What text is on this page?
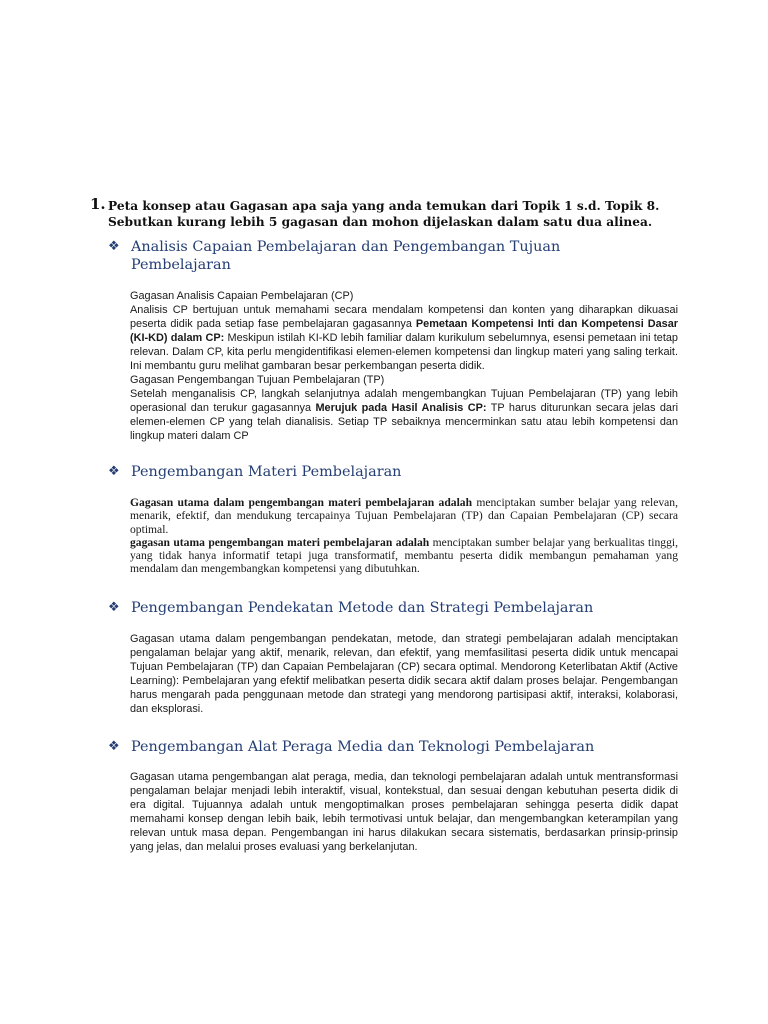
1. Peta konsep atau Gagasan apa saja yang anda temukan dari Topik 1 s.d. Topik 8. Sebutkan kurang lebih 5 gagasan dan mohon dijelaskan dalam satu dua alinea.
❖ Analisis Capaian Pembelajaran dan Pengembangan Tujuan Pembelajaran
Gagasan Analisis Capaian Pembelajaran (CP)
Analisis CP bertujuan untuk memahami secara mendalam kompetensi dan konten yang diharapkan dikuasai peserta didik pada setiap fase pembelajaran gagasannya Pemetaan Kompetensi Inti dan Kompetensi Dasar (KI-KD) dalam CP: Meskipun istilah KI-KD lebih familiar dalam kurikulum sebelumnya, esensi pemetaan ini tetap relevan. Dalam CP, kita perlu mengidentifikasi elemen-elemen kompetensi dan lingkup materi yang saling terkait. Ini membantu guru melihat gambaran besar perkembangan peserta didik.
Gagasan Pengembangan Tujuan Pembelajaran (TP)
Setelah menganalisis CP, langkah selanjutnya adalah mengembangkan Tujuan Pembelajaran (TP) yang lebih operasional dan terukur gagasannya Merujuk pada Hasil Analisis CP: TP harus diturunkan secara jelas dari elemen-elemen CP yang telah dianalisis. Setiap TP sebaiknya mencerminkan satu atau lebih kompetensi dan lingkup materi dalam CP
❖ Pengembangan Materi Pembelajaran
Gagasan utama dalam pengembangan materi pembelajaran adalah menciptakan sumber belajar yang relevan, menarik, efektif, dan mendukung tercapainya Tujuan Pembelajaran (TP) dan Capaian Pembelajaran (CP) secara optimal.
gagasan utama pengembangan materi pembelajaran adalah menciptakan sumber belajar yang berkualitas tinggi, yang tidak hanya informatif tetapi juga transformatif, membantu peserta didik membangun pemahaman yang mendalam dan mengembangkan kompetensi yang dibutuhkan.
❖ Pengembangan Pendekatan Metode dan Strategi Pembelajaran
Gagasan utama dalam pengembangan pendekatan, metode, dan strategi pembelajaran adalah menciptakan pengalaman belajar yang aktif, menarik, relevan, dan efektif, yang memfasilitasi peserta didik untuk mencapai Tujuan Pembelajaran (TP) dan Capaian Pembelajaran (CP) secara optimal. Mendorong Keterlibatan Aktif (Active Learning): Pembelajaran yang efektif melibatkan peserta didik secara aktif dalam proses belajar. Pengembangan harus mengarah pada penggunaan metode dan strategi yang mendorong partisipasi aktif, interaksi, kolaborasi, dan eksplorasi.
❖ Pengembangan Alat Peraga Media dan Teknologi Pembelajaran
Gagasan utama pengembangan alat peraga, media, dan teknologi pembelajaran adalah untuk mentransformasi pengalaman belajar menjadi lebih interaktif, visual, kontekstual, dan sesuai dengan kebutuhan peserta didik di era digital. Tujuannya adalah untuk mengoptimalkan proses pembelajaran sehingga peserta didik dapat memahami konsep dengan lebih baik, lebih termotivasi untuk belajar, dan mengembangkan keterampilan yang relevan untuk masa depan. Pengembangan ini harus dilakukan secara sistematis, berdasarkan prinsip-prinsip yang jelas, dan melalui proses evaluasi yang berkelanjutan.
